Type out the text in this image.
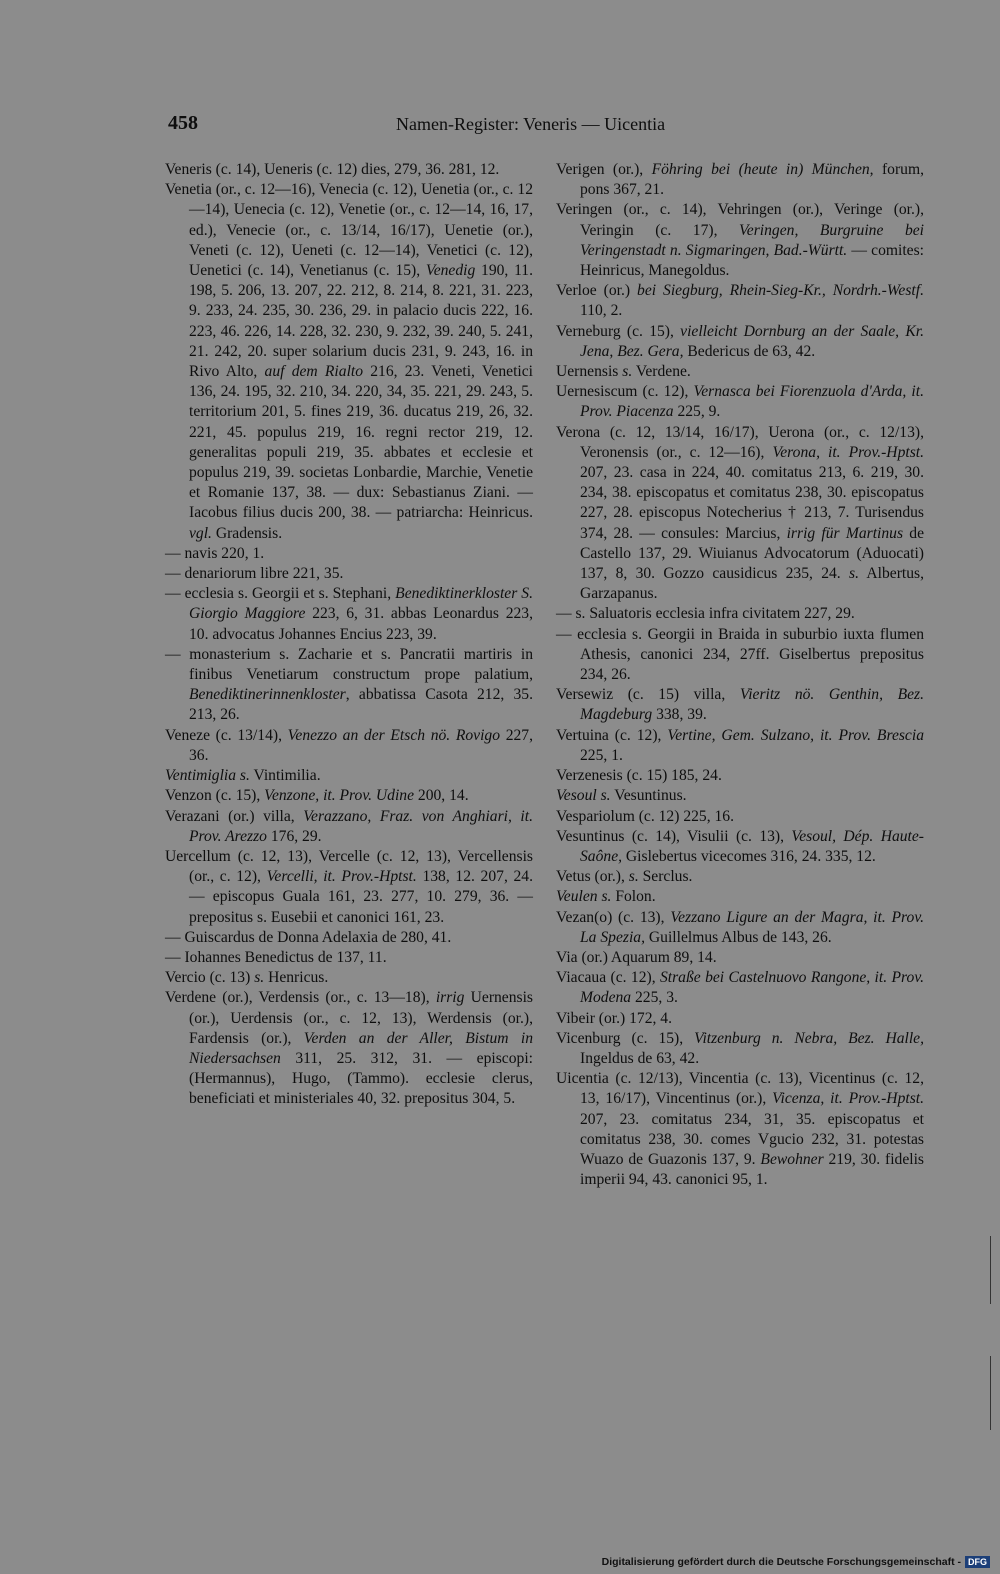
458	Namen-Register: Veneris — Uicentia

Veneris (c. 14), Ueneris (c. 12) dies, 279, 36. 281, 12.

Venetia (or., c. 12—16), Venecia (c. 12), Uenetia (or., c. 12—14), Uenecia (c. 12), Venetie (or., c. 12—14, 16, 17, ed.), Venecie (or., c. 13/14, 16/17), Uenetie (or.), Veneti (c. 12), Ueneti (c. 12—14), Venetici (c. 12), Uenetici (c. 14), Venetianus (c. 15), Venedig 190, 11. 198, 5. 206, 13. 207, 22. 212, 8. 214, 8. 221, 31. 223, 9. 233, 24. 235, 30. 236, 29. in palacio ducis 222, 16. 223, 46. 226, 14. 228, 32. 230, 9. 232, 39. 240, 5. 241, 21. 242, 20. super solarium ducis 231, 9. 243, 16. in Rivo Alto, auf dem Rialto 216, 23. Veneti, Venetici 136, 24. 195, 32. 210, 34. 220, 34, 35. 221, 29. 243, 5. territorium 201, 5. fines 219, 36. ducatus 219, 26, 32. 221, 45. populus 219, 16. regni rector 219, 12. generalitas populi 219, 35. abbates et ecclesie et populus 219, 39. societas Lonbardie, Marchie, Venetie et Romanie 137, 38. — dux: Sebastianus Ziani. — Iacobus filius ducis 200, 38. — patriarcha: Heinricus. vgl. Gradensis.

— navis 220, 1.

— denariorum libre 221, 35.

— ecclesia s. Georgii et s. Stephani, Benediktinerkloster S. Giorgio Maggiore 223, 6, 31. abbas Leonardus 223, 10. advocatus Johannes Encius 223, 39.

— monasterium s. Zacharie et s. Pancratii martiris in finibus Venetiarum constructum prope palatium, Benediktinerinnenkloster, abbatissa Casota 212, 35. 213, 26.

Veneze (c. 13/14), Venezzo an der Etsch nö. Rovigo 227, 36.

Ventimiglia s. Vintimilia.

Venzon (c. 15), Venzone, it. Prov. Udine 200, 14.

Verazani (or.) villa, Verazzano, Fraz. von Anghiari, it. Prov. Arezzo 176, 29.

Uercellum (c. 12, 13), Vercelle (c. 12, 13), Vercellensis (or., c. 12), Vercelli, it. Prov.-Hptst. 138, 12. 207, 24. — episcopus Guala 161, 23. 277, 10. 279, 36. — prepositus s. Eusebii et canonici 161, 23.

— Guiscardus de Donna Adelaxia de 280, 41.

— Iohannes Benedictus de 137, 11.

Vercio (c. 13) s. Henricus.

Verdene (or.), Verdensis (or., c. 13—18), irrig Uernensis (or.), Uerdensis (or., c. 12, 13), Werdensis (or.), Fardensis (or.), Verden an der Aller, Bistum in Niedersachsen 311, 25. 312, 31. — episcopi: (Hermannus), Hugo, (Tammo). ecclesie clerus, beneficiati et ministeriales 40, 32. prepositus 304, 5.

Verigen (or.), Föhring bei (heute in) München, forum, pons 367, 21.

Veringen (or., c. 14), Vehringen (or.), Veringe (or.), Veringin (c. 17), Veringen, Burgruine bei Veringenstadt n. Sigmaringen, Bad.-Württ. — comites: Heinricus, Manegoldus.

Verloe (or.) bei Siegburg, Rhein-Sieg-Kr., Nordrh.-Westf. 110, 2.

Verneburg (c. 15), vielleicht Dornburg an der Saale, Kr. Jena, Bez. Gera, Bedericus de 63, 42.

Uernensis s. Verdene.

Uernesiscum (c. 12), Vernasca bei Fiorenzuola d'Arda, it. Prov. Piacenza 225, 9.

Verona (c. 12, 13/14, 16/17), Uerona (or., c. 12/13), Veronensis (or., c. 12—16), Verona, it. Prov.-Hptst. 207, 23. casa in 224, 40. comitatus 213, 6. 219, 30. 234, 38. episcopatus et comitatus 238, 30. episcopatus 227, 28. episcopus Notecherius † 213, 7. Turisendus 374, 28. — consules: Marcius, irrig für Martinus de Castello 137, 29. Wiuianus Advocatorum (Aduocati) 137, 8, 30. Gozzo causidicus 235, 24. s. Albertus, Garzapanus.

— s. Saluatoris ecclesia infra civitatem 227, 29.

— ecclesia s. Georgii in Braida in suburbio iuxta flumen Athesis, canonici 234, 27ff. Giselbertus prepositus 234, 26.

Versewiz (c. 15) villa, Vieritz nö. Genthin, Bez. Magdeburg 338, 39.

Vertuina (c. 12), Vertine, Gem. Sulzano, it. Prov. Brescia 225, 1.

Verzenesis (c. 15) 185, 24.

Vesoul s. Vesuntinus.

Vespariolum (c. 12) 225, 16.

Vesuntinus (c. 14), Visulii (c. 13), Vesoul, Dép. Haute-Saône, Gislebertus vicecomes 316, 24. 335, 12.

Vetus (or.), s. Serclus.

Veulen s. Folon.

Vezan(o) (c. 13), Vezzano Ligure an der Magra, it. Prov. La Spezia, Guillelmus Albus de 143, 26.

Via (or.) Aquarum 89, 14.

Viacaua (c. 12), Straße bei Castelnuovo Rangone, it. Prov. Modena 225, 3.

Vibeir (or.) 172, 4.

Vicenburg (c. 15), Vitzenburg n. Nebra, Bez. Halle, Ingeldus de 63, 42.

Uicentia (c. 12/13), Vincentia (c. 13), Vicentinus (c. 12, 13, 16/17), Vincentinus (or.), Vicenza, it. Prov.-Hptst. 207, 23. comitatus 234, 31, 35. episcopatus et comitatus 238, 30. comes Vgucio 232, 31. potestas Wuazo de Guazonis 137, 9. Bewohner 219, 30. fidelis imperii 94, 43. canonici 95, 1.

Digitalisierung gefördert durch die Deutsche Forschungsgemeinschaft - DFG
